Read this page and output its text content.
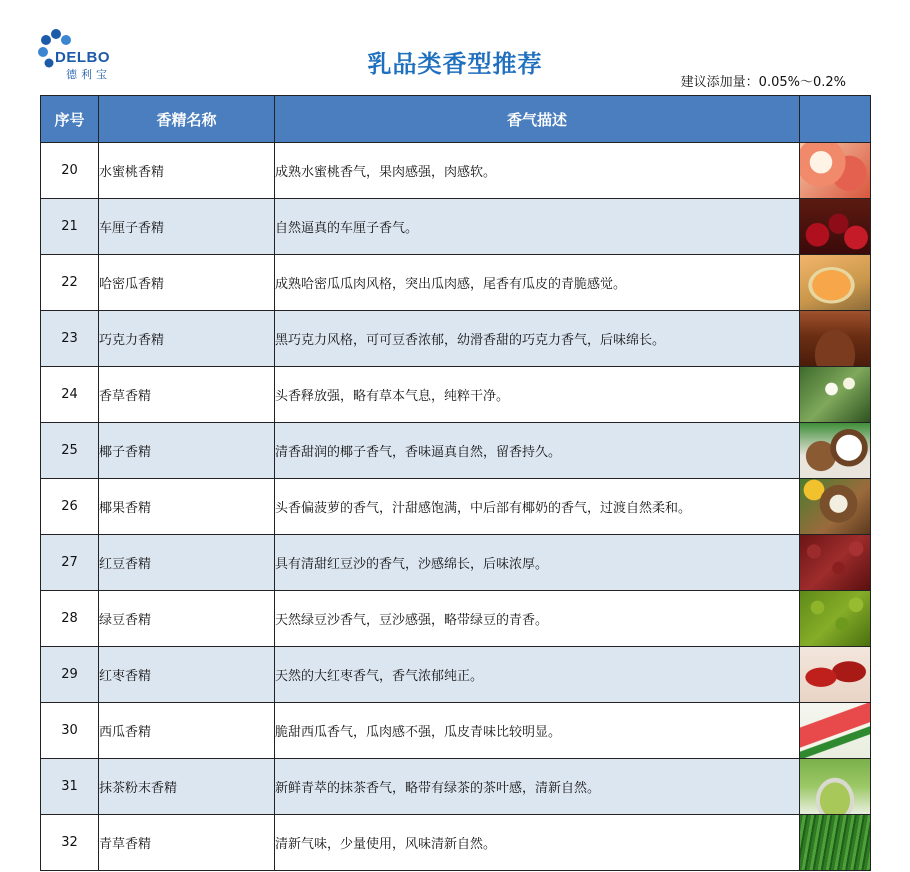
DELBO
德利宝	乳品类香型推荐
建议添加量：0.05%～0.2%
序号	香精名称	香气描述	
20	水蜜桃香精	成熟水蜜桃香气，果肉感强，肉感软。	

21	车厘子香精	自然逼真的车厘子香气。	

22	哈密瓜香精	成熟哈密瓜瓜肉风格，突出瓜肉感，尾香有瓜皮的青脆感觉。	

23	巧克力香精	黑巧克力风格，可可豆香浓郁，幼滑香甜的巧克力香气，后味绵长。	

24	香草香精	头香释放强，略有草本气息，纯粹干净。	

25	椰子香精	清香甜润的椰子香气，香味逼真自然，留香持久。	

26	椰果香精	头香偏菠萝的香气，汁甜感饱满，中后部有椰奶的香气，过渡自然柔和。	

27	红豆香精	具有清甜红豆沙的香气，沙感绵长，后味浓厚。	

28	绿豆香精	天然绿豆沙香气，豆沙感强，略带绿豆的青香。	

29	红枣香精	天然的大红枣香气，香气浓郁纯正。	

30	西瓜香精	脆甜西瓜香气，瓜肉感不强，瓜皮青味比较明显。	

31	抹茶粉末香精	新鲜青萃的抹茶香气，略带有绿茶的茶叶感，清新自然。	

32	青草香精	清新气味，少量使用，风味清新自然。	
